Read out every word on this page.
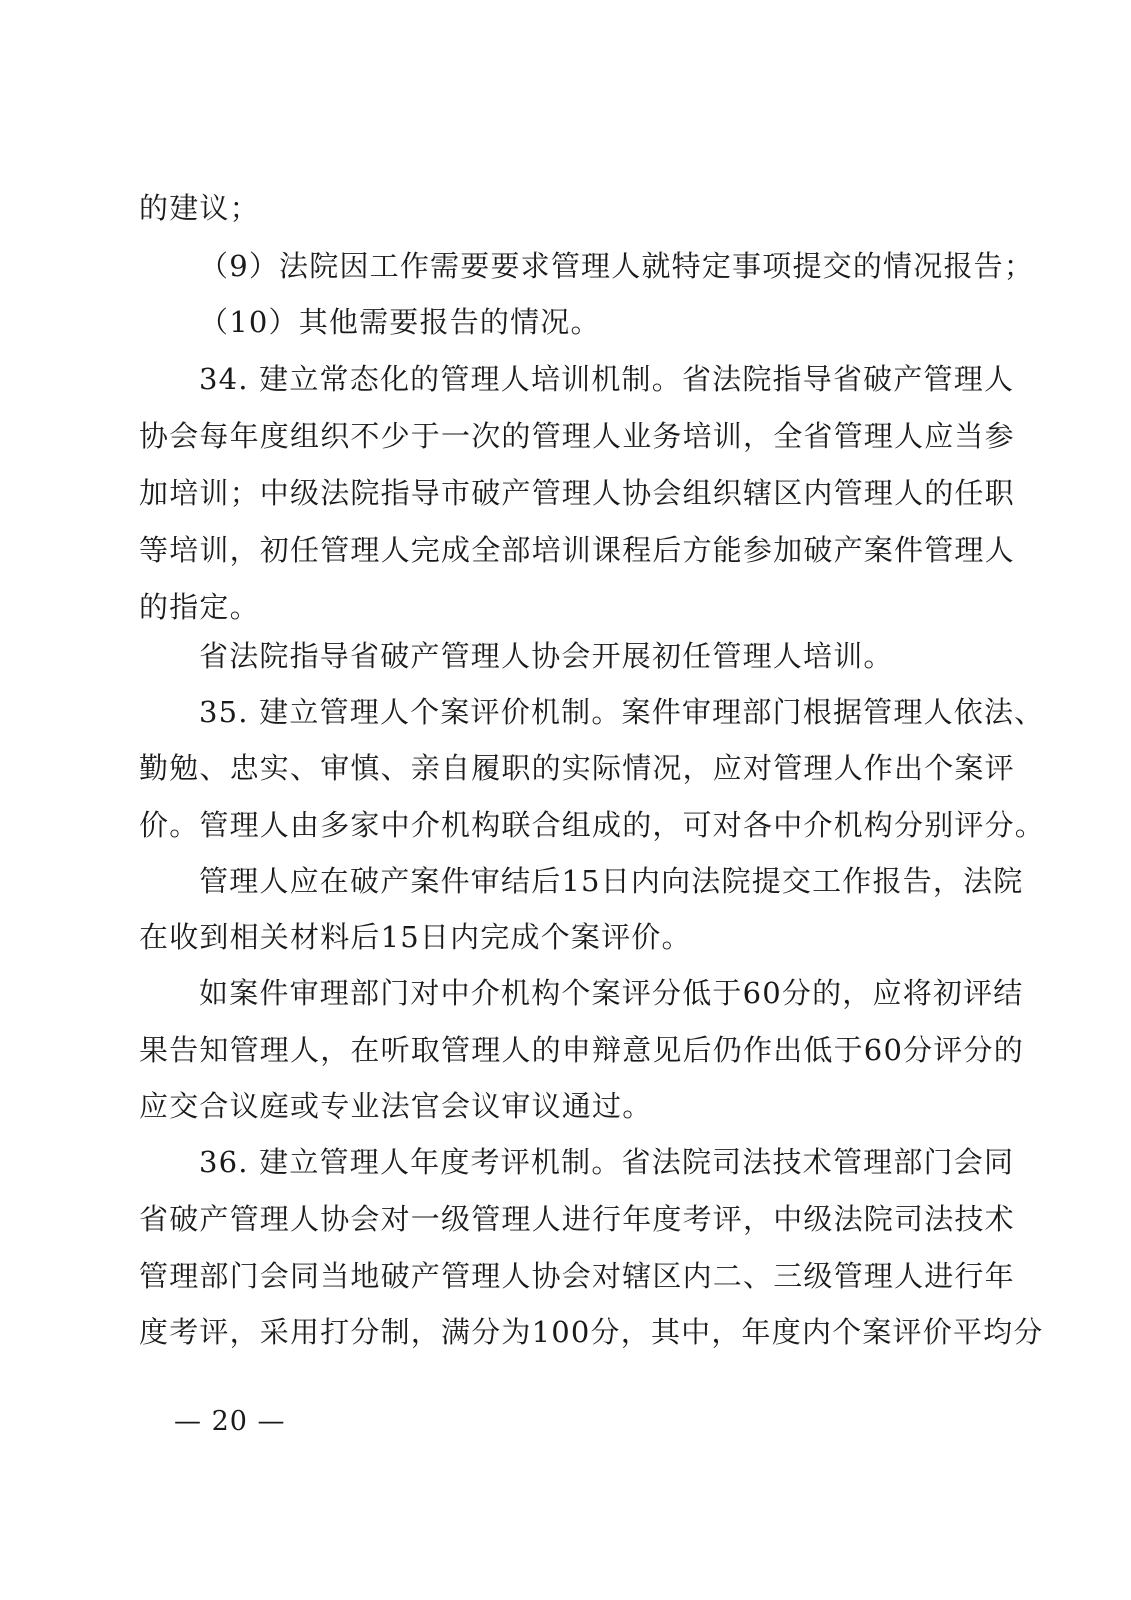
的建议；
（9）法院因工作需要要求管理人就特定事项提交的情况报告；
（10）其他需要报告的情况。
34. 建立常态化的管理人培训机制。省法院指导省破产管理人
协会每年度组织不少于一次的管理人业务培训，全省管理人应当参
加培训；中级法院指导市破产管理人协会组织辖区内管理人的任职
等培训，初任管理人完成全部培训课程后方能参加破产案件管理人
的指定。
省法院指导省破产管理人协会开展初任管理人培训。
35. 建立管理人个案评价机制。案件审理部门根据管理人依法、
勤勉、忠实、审慎、亲自履职的实际情况，应对管理人作出个案评
价。管理人由多家中介机构联合组成的，可对各中介机构分别评分。
管理人应在破产案件审结后15日内向法院提交工作报告，法院
在收到相关材料后15日内完成个案评价。
如案件审理部门对中介机构个案评分低于60分的，应将初评结
果告知管理人，在听取管理人的申辩意见后仍作出低于60分评分的
应交合议庭或专业法官会议审议通过。
36. 建立管理人年度考评机制。省法院司法技术管理部门会同
省破产管理人协会对一级管理人进行年度考评，中级法院司法技术
管理部门会同当地破产管理人协会对辖区内二、三级管理人进行年
度考评，采用打分制，满分为100分，其中，年度内个案评价平均分
— 20 —
